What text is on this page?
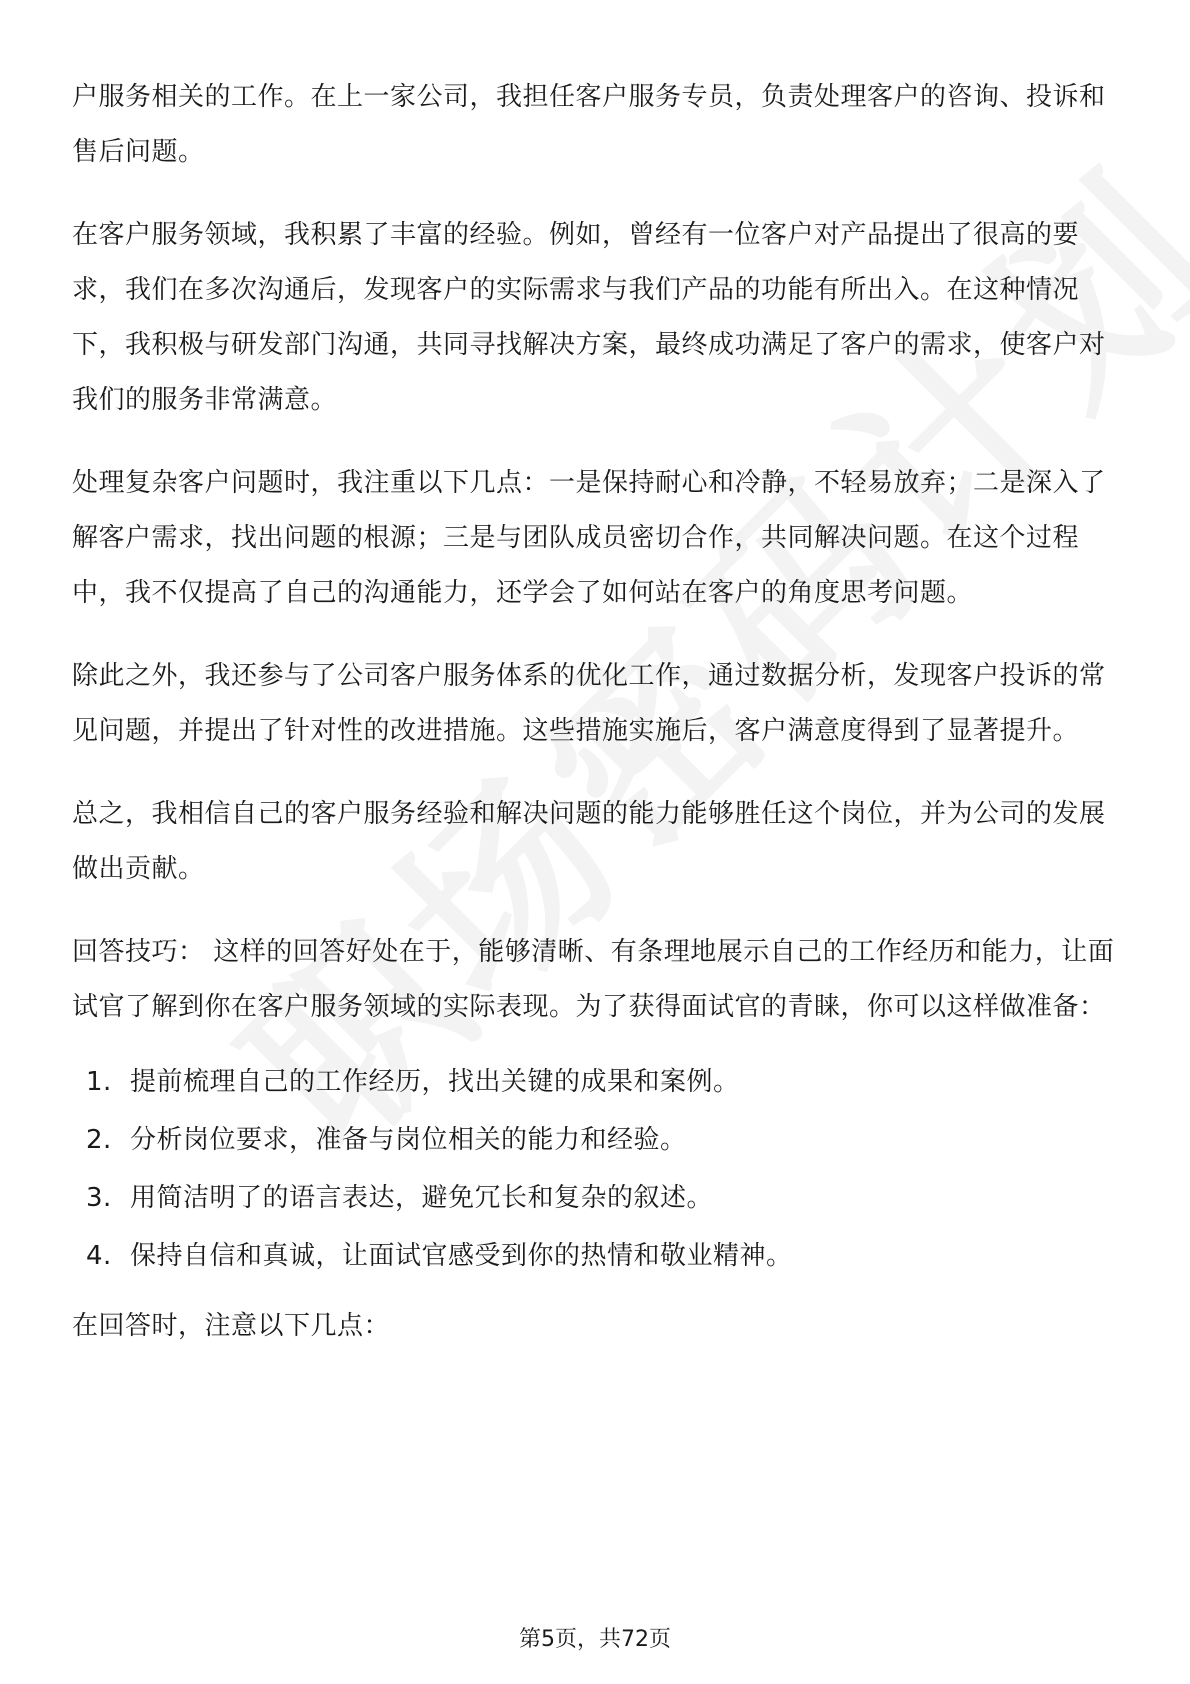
户服务相关的工作。在上一家公司，我担任客户服务专员，负责处理客户的咨询、投诉和售后问题。

在客户服务领域，我积累了丰富的经验。例如，曾经有一位客户对产品提出了很高的要求，我们在多次沟通后，发现客户的实际需求与我们产品的功能有所出入。在这种情况下，我积极与研发部门沟通，共同寻找解决方案，最终成功满足了客户的需求，使客户对我们的服务非常满意。

处理复杂客户问题时，我注重以下几点：一是保持耐心和冷静，不轻易放弃；二是深入了解客户需求，找出问题的根源；三是与团队成员密切合作，共同解决问题。在这个过程中，我不仅提高了自己的沟通能力，还学会了如何站在客户的角度思考问题。

除此之外，我还参与了公司客户服务体系的优化工作，通过数据分析，发现客户投诉的常见问题，并提出了针对性的改进措施。这些措施实施后，客户满意度得到了显著提升。

总之，我相信自己的客户服务经验和解决问题的能力能够胜任这个岗位，并为公司的发展做出贡献。

回答技巧： 这样的回答好处在于，能够清晰、有条理地展示自己的工作经历和能力，让面试官了解到你在客户服务领域的实际表现。为了获得面试官的青睐，你可以这样做准备：

1. 提前梳理自己的工作经历，找出关键的成果和案例。
2. 分析岗位要求，准备与岗位相关的能力和经验。
3. 用简洁明了的语言表达，避免冗长和复杂的叙述。
4. 保持自信和真诚，让面试官感受到你的热情和敬业精神。

在回答时，注意以下几点：

第5页，共72页
